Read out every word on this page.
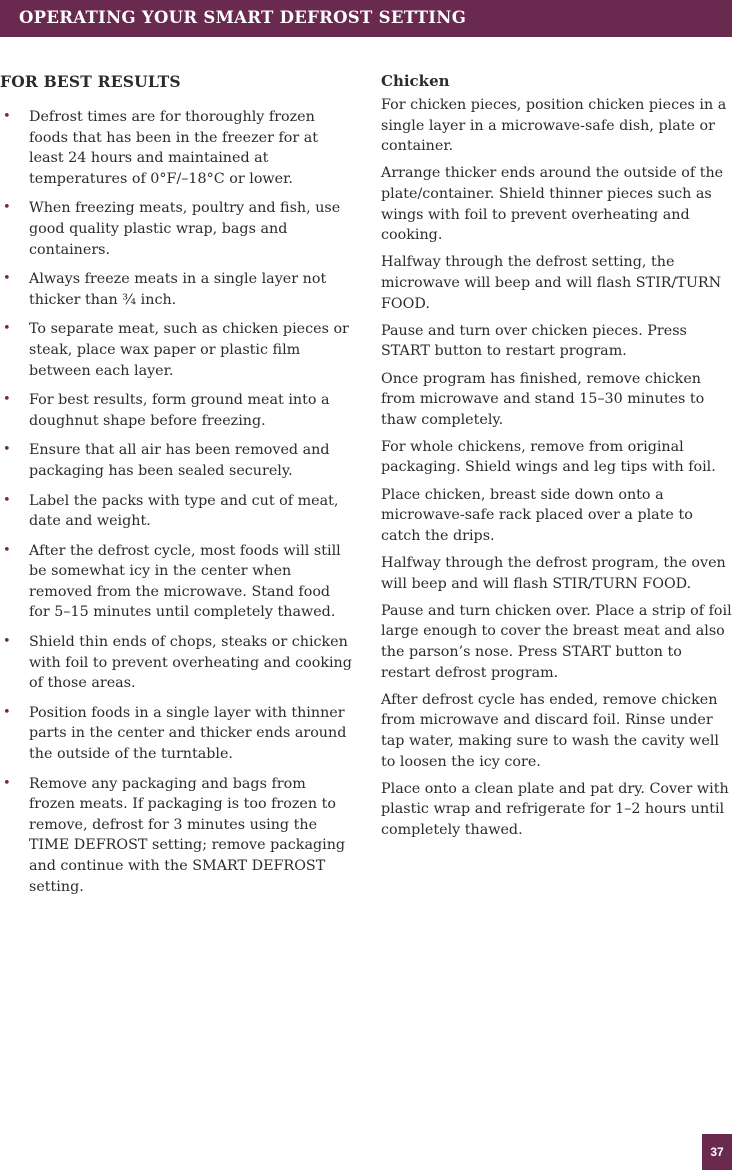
OPERATING YOUR SMART DEFROST SETTING
FOR BEST RESULTS
• Defrost times are for thoroughly frozen foods that has been in the freezer for at least 24 hours and maintained at temperatures of 0°F/–18°C or lower.
• When freezing meats, poultry and fish, use good quality plastic wrap, bags and containers.
• Always freeze meats in a single layer not thicker than ¾ inch.
• To separate meat, such as chicken pieces or steak, place wax paper or plastic film between each layer.
• For best results, form ground meat into a doughnut shape before freezing.
• Ensure that all air has been removed and packaging has been sealed securely.
• Label the packs with type and cut of meat, date and weight.
• After the defrost cycle, most foods will still be somewhat icy in the center when removed from the microwave. Stand food for 5–15 minutes until completely thawed.
• Shield thin ends of chops, steaks or chicken with foil to prevent overheating and cooking of those areas.
• Position foods in a single layer with thinner parts in the center and thicker ends around the outside of the turntable.
• Remove any packaging and bags from frozen meats. If packaging is too frozen to remove, defrost for 3 minutes using the TIME DEFROST setting; remove packaging and continue with the SMART DEFROST setting.
Chicken

For chicken pieces, position chicken pieces in a single layer in a microwave-safe dish, plate or container.

Arrange thicker ends around the outside of the plate/container. Shield thinner pieces such as wings with foil to prevent overheating and cooking.

Halfway through the defrost setting, the microwave will beep and will flash STIR/TURN FOOD.

Pause and turn over chicken pieces. Press START button to restart program.

Once program has finished, remove chicken from microwave and stand 15–30 minutes to thaw completely.

For whole chickens, remove from original packaging. Shield wings and leg tips with foil.

Place chicken, breast side down onto a microwave-safe rack placed over a plate to catch the drips.

Halfway through the defrost program, the oven will beep and will flash STIR/TURN FOOD.

Pause and turn chicken over. Place a strip of foil large enough to cover the breast meat and also the parson’s nose. Press START button to restart defrost program.

After defrost cycle has ended, remove chicken from microwave and discard foil. Rinse under tap water, making sure to wash the cavity well to loosen the icy core.

Place onto a clean plate and pat dry. Cover with plastic wrap and refrigerate for 1–2 hours until completely thawed.

37
